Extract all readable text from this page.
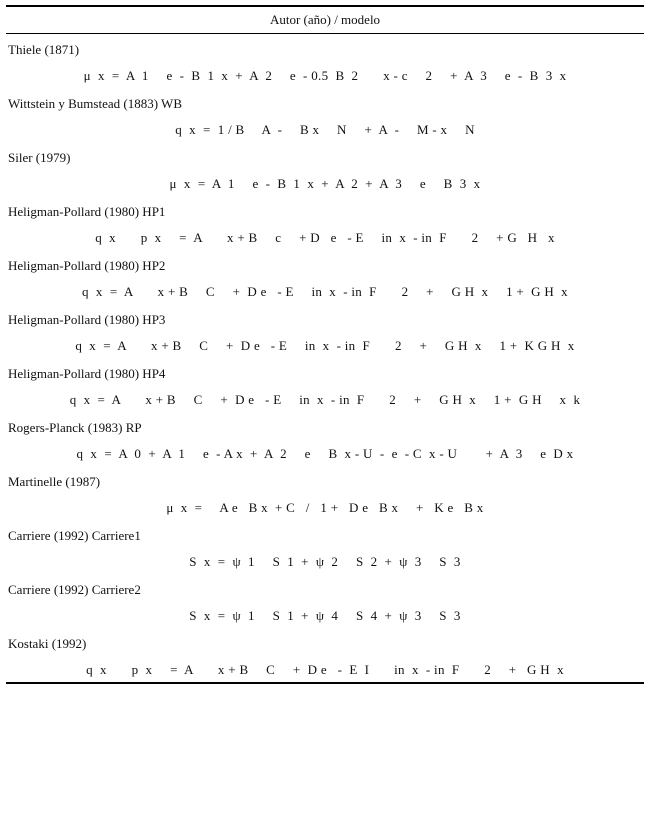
Autor (año) / modelo
Thiele (1871)
μ  x  =  A  1     e  -  B  1  x  +  A  2     e  - 0.5  B  2       x - c     2     +  A  3     e  -  B  3  x
Wittstein y Bumstead (1883) WB
q  x  =  1 / B     A  -     B x     N     +  A  -     M - x     N
Siler (1979)
μ  x  =  A  1     e  -  B  1  x  +  A  2  +  A  3     e     B  3  x
Heligman-Pollard (1980) HP1
q  x       p  x     =  A       x + B     c     + D   e   - E     in  x  - in  F       2     + G   H   x
Heligman-Pollard (1980) HP2
q  x  =  A       x + B     C     +  D e   - E     in  x  - in  F       2     +     G H  x     1 +  G H  x
Heligman-Pollard (1980) HP3
q  x  =  A       x + B     C     +  D e   - E     in  x  - in  F       2     +     G H  x     1 +  K G H  x
Heligman-Pollard (1980) HP4
q  x  =  A       x + B     C     +  D e   - E     in  x  - in  F       2     +     G H  x     1 +  G H     x  k
Rogers-Planck (1983) RP
q  x  =  A  0  +  A  1     e  - A x  +  A  2     e     B  x - U  -  e  - C  x - U        +  A  3     e  D x
Martinelle (1987)
μ  x  =     A e   B x  + C   /   1 +   D e   B x     +   K e   B x
Carriere (1992) Carriere1
S  x  =  ψ  1     S  1  +  ψ  2     S  2  +  ψ  3     S  3
Carriere (1992) Carriere2
S  x  =  ψ  1     S  1  +  ψ  4     S  4  +  ψ  3     S  3
Kostaki (1992)
q  x       p  x     =  A       x + B     C     +  D e   -  E  I       in  x  - in  F       2     +   G H  x
